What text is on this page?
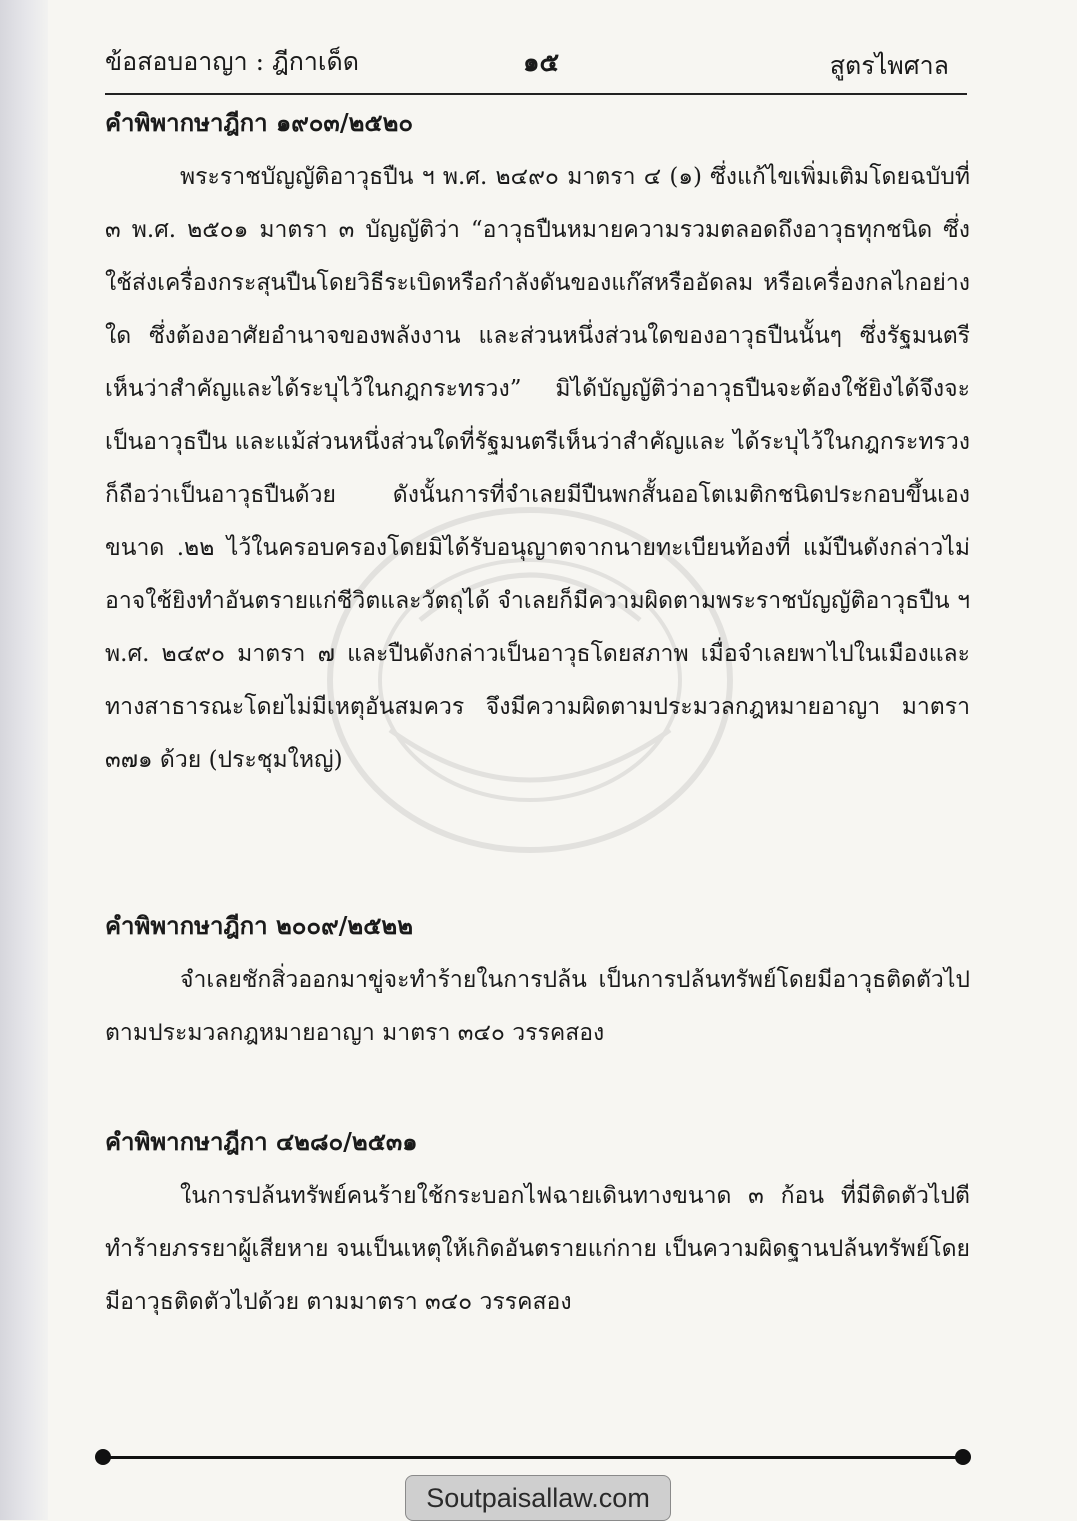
ข้อสอบอาญา : ฎีกาเด็ด	๑๕	สูตรไพศาล
คำพิพากษาฎีกา ๑๙๐๓/๒๕๒๐

พระราชบัญญัติอาวุธปืน ฯ พ.ศ. ๒๔๙๐ มาตรา ๔ (๑) ซึ่งแก้ไขเพิ่มเติมโดยฉบับที่ ๓ พ.ศ. ๒๕๐๑ มาตรา ๓ บัญญัติว่า “อาวุธปืนหมายความรวมตลอดถึงอาวุธทุกชนิด ซึ่งใช้ส่งเครื่องกระสุนปืนโดยวิธีระเบิดหรือกำลังดันของแก๊สหรืออัดลม หรือเครื่องกลไกอย่างใด ซึ่งต้องอาศัยอำนาจของพลังงาน และส่วนหนึ่งส่วนใดของอาวุธปืนนั้นๆ ซึ่งรัฐมนตรีเห็นว่าสำคัญและได้ระบุไว้ในกฎกระทรวง” มิได้บัญญัติว่าอาวุธปืนจะต้องใช้ยิงได้จึงจะเป็นอาวุธปืน และแม้ส่วนหนึ่งส่วนใดที่รัฐมนตรีเห็นว่าสำคัญและ ได้ระบุไว้ในกฎกระทรวงก็ถือว่าเป็นอาวุธปืนด้วย ดังนั้นการที่จำเลยมีปืนพกสั้นออโตเมติกชนิดประกอบขึ้นเองขนาด .๒๒ ไว้ในครอบครองโดยมิได้รับอนุญาตจากนายทะเบียนท้องที่ แม้ปืนดังกล่าวไม่อาจใช้ยิงทำอันตรายแก่ชีวิตและวัตถุได้ จำเลยก็มีความผิดตามพระราชบัญญัติอาวุธปืน ฯ พ.ศ. ๒๔๙๐ มาตรา ๗ และปืนดังกล่าวเป็นอาวุธโดยสภาพ เมื่อจำเลยพาไปในเมืองและทางสาธารณะโดยไม่มีเหตุอันสมควร จึงมีความผิดตามประมวลกฎหมายอาญา มาตรา ๓๗๑ ด้วย (ประชุมใหญ่)

คำพิพากษาฎีกา ๒๐๐๙/๒๕๒๒

จำเลยชักสิ่วออกมาขู่จะทำร้ายในการปล้น เป็นการปล้นทรัพย์โดยมีอาวุธติดตัวไป ตามประมวลกฎหมายอาญา มาตรา ๓๔๐ วรรคสอง

คำพิพากษาฎีกา ๔๒๘๐/๒๕๓๑

ในการปล้นทรัพย์คนร้ายใช้กระบอกไฟฉายเดินทางขนาด ๓ ก้อน ที่มีติดตัวไปตีทำร้ายภรรยาผู้เสียหาย จนเป็นเหตุให้เกิดอันตรายแก่กาย เป็นความผิดฐานปล้นทรัพย์โดยมีอาวุธติดตัวไปด้วย ตามมาตรา ๓๔๐ วรรคสอง

Soutpaisallaw.com
